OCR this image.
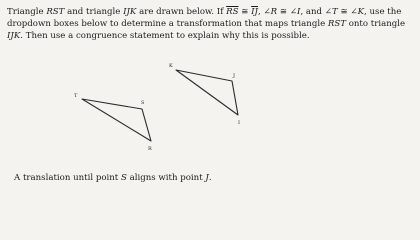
Triangle RST and triangle IJK are drawn below. If $\overline{RS}$ ≅ $\overline{IJ}$, ∠R ≅ ∠I, and ∠T ≅ ∠K, use the dropdown boxes below to determine a transformation that maps triangle RST onto triangle IJK. Then use a congruence statement to explain why this is possible.
T
S
R
K
J
I
A translation until point S aligns with point J.
